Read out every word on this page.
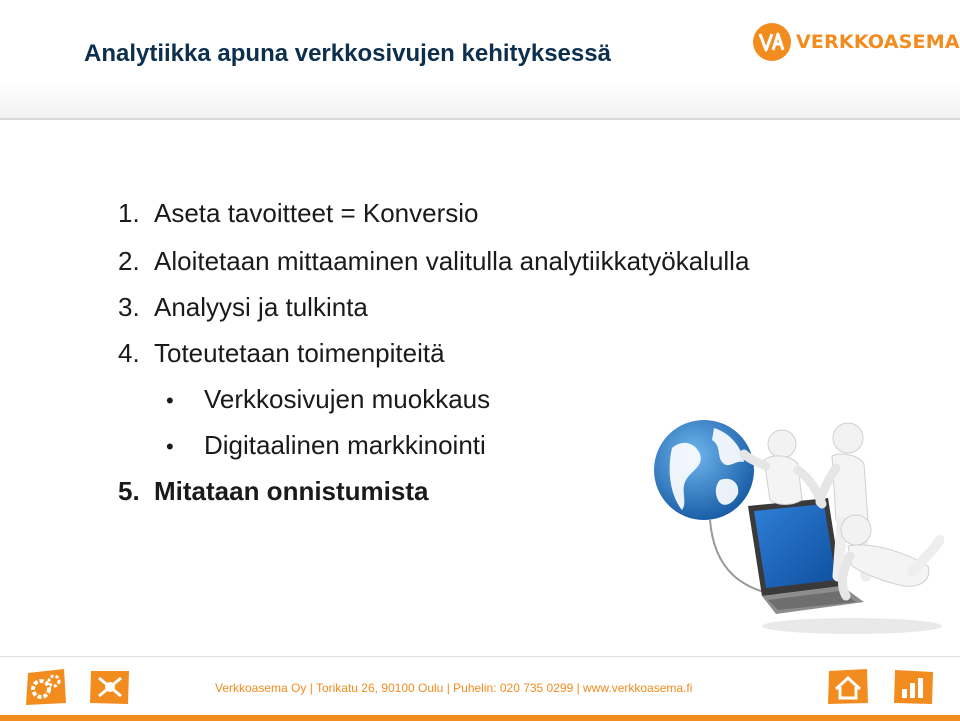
Analytiikka apuna verkkosivujen kehityksessä	VERKKOASEMA
1. Aseta tavoitteet = Konversio
2. Aloitetaan mittaaminen valitulla analytiikkatyökalulla
3. Analyysi ja tulkinta
4. Toteutetaan toimenpiteitä
• Verkkosivujen muokkaus
• Digitaalinen markkinointi
5. Mitataan onnistumista
Verkkoasema Oy | Torikatu 26, 90100 Oulu | Puhelin: 020 735 0299 | www.verkkoasema.fi
